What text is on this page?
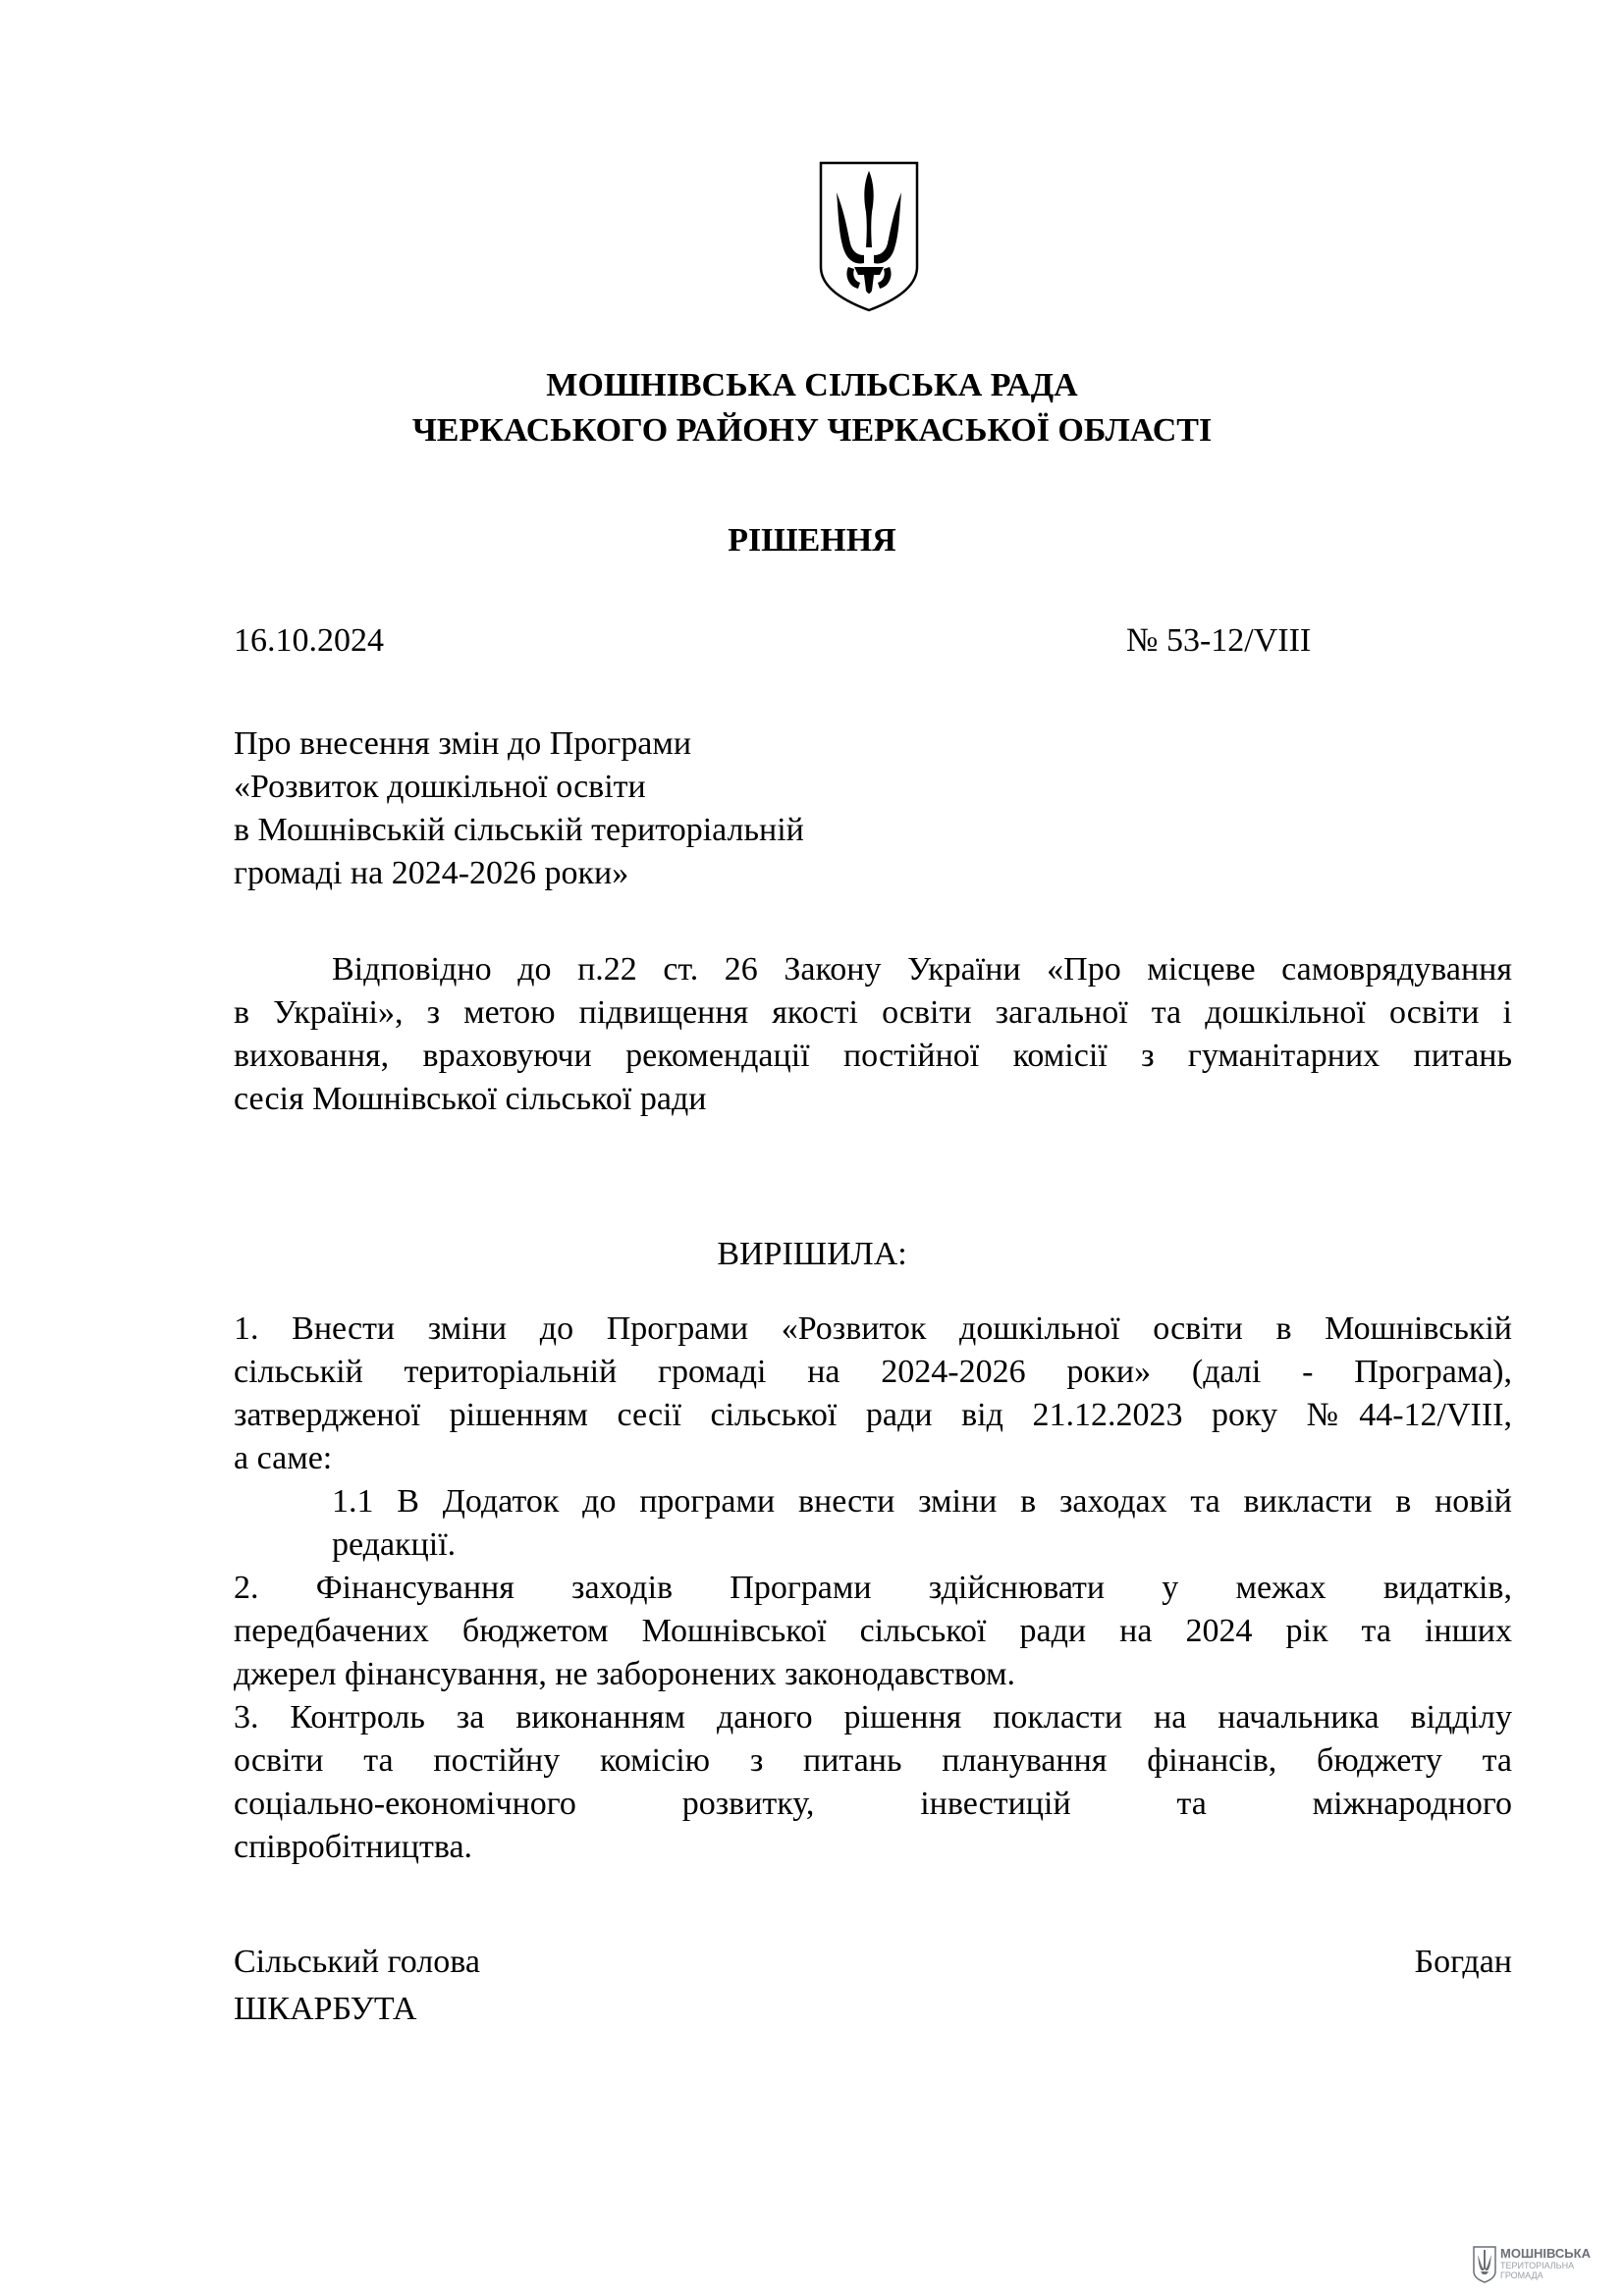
МОШНІВСЬКА СІЛЬСЬКА РАДА
ЧЕРКАСЬКОГО РАЙОНУ ЧЕРКАСЬКОЇ ОБЛАСТІ
РІШЕННЯ
16.10.2024	№ 53-12/VIII
Про внесення змін до Програми
«Розвиток дошкільної освіти
в Мошнівській сільській територіальній
громаді на 2024-2026 роки»
Відповідно до п.22 ст. 26 Закону України «Про місцеве самоврядування
в Україні», з метою підвищення якості освіти загальної та дошкільної освіти і
виховання, враховуючи рекомендації постійної комісії з гуманітарних питань
сесія Мошнівської сільської ради
ВИРІШИЛА:
1. Внести зміни до Програми «Розвиток дошкільної освіти в Мошнівській
сільській територіальній громаді на 2024-2026 роки» (далі - Програма),
затвердженої рішенням сесії сільської ради від 21.12.2023 року №44-12/VIII,
а саме:
1.1 В Додаток до програми внести зміни в заходах та викласти в новій
редакції.
2. Фінансування заходів Програми здійснювати у межах видатків,
передбачених бюджетом Мошнівської сільської ради на 2024 рік та інших
джерел фінансування, не заборонених законодавством.
3. Контроль за виконанням даного рішення покласти на начальника відділу
освіти та постійну комісію з питань планування фінансів, бюджету та
соціально-економічного розвитку, інвестицій та міжнародного
співробітництва.
Сільський голова	Богдан
ШКАРБУТА
МОШНІВСЬКА
ТЕРИТОРІАЛЬНА
ГРОМАДА
